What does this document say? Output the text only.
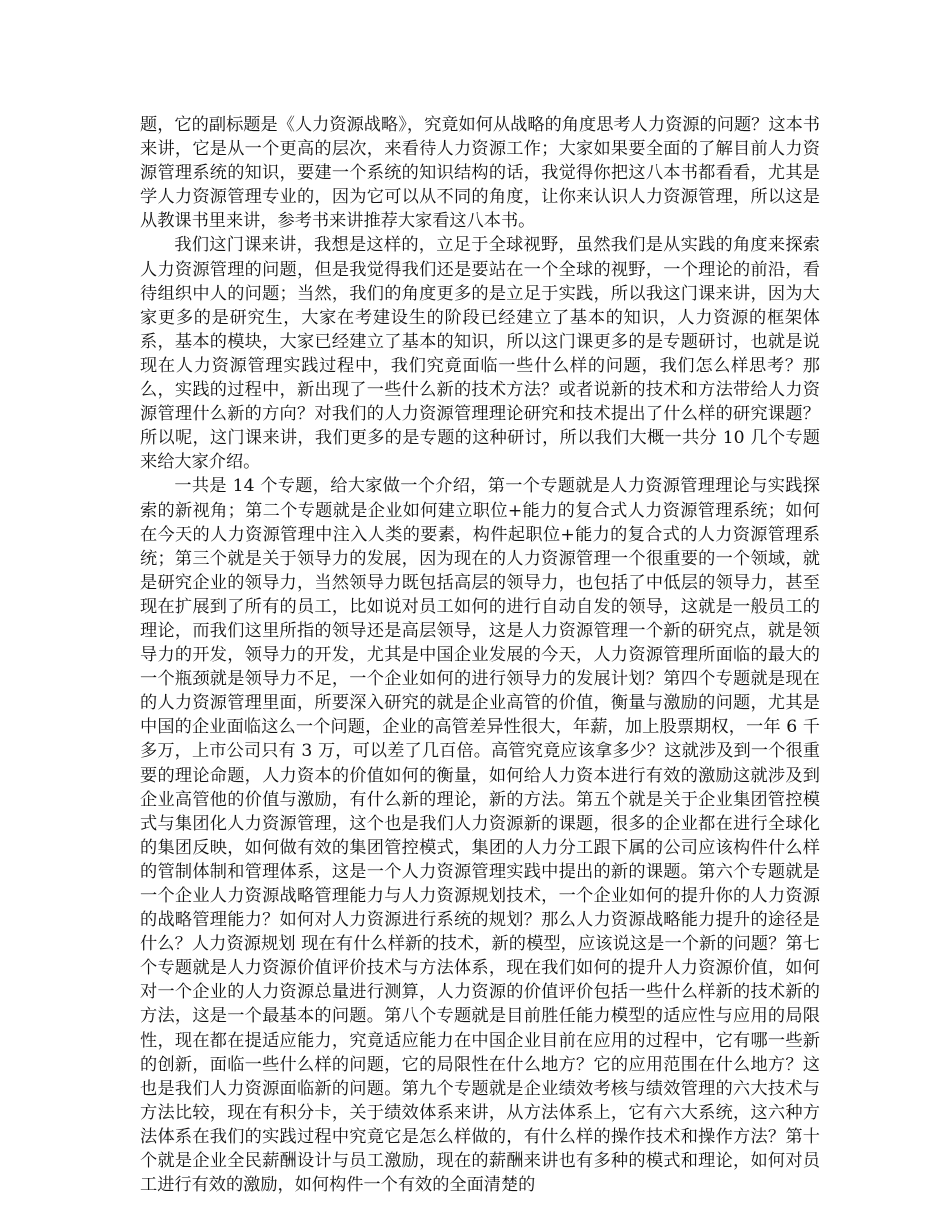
题，它的副标题是《人力资源战略》，究竟如何从战略的角度思考人力资源的问题？这本书来讲，它是从一个更高的层次，来看待人力资源工作；大家如果要全面的了解目前人力资源管理系统的知识，要建一个系统的知识结构的话，我觉得你把这八本书都看看，尤其是学人力资源管理专业的，因为它可以从不同的角度，让你来认识人力资源管理，所以这是从教课书里来讲，参考书来讲推荐大家看这八本书。

我们这门课来讲，我想是这样的，立足于全球视野，虽然我们是从实践的角度来探索人力资源管理的问题，但是我觉得我们还是要站在一个全球的视野，一个理论的前沿，看待组织中人的问题；当然，我们的角度更多的是立足于实践，所以我这门课来讲，因为大家更多的是研究生，大家在考建设生的阶段已经建立了基本的知识，人力资源的框架体系，基本的模块，大家已经建立了基本的知识，所以这门课更多的是专题研讨，也就是说现在人力资源管理实践过程中，我们究竟面临一些什么样的问题，我们怎么样思考？那么，实践的过程中，新出现了一些什么新的技术方法？或者说新的技术和方法带给人力资源管理什么新的方向？对我们的人力资源管理理论研究和技术提出了什么样的研究课题？所以呢，这门课来讲，我们更多的是专题的这种研讨，所以我们大概一共分 10 几个专题来给大家介绍。

一共是 14 个专题，给大家做一个介绍，第一个专题就是人力资源管理理论与实践探索的新视角；第二个专题就是企业如何建立职位+能力的复合式人力资源管理系统；如何在今天的人力资源管理中注入人类的要素，构件起职位+能力的复合式的人力资源管理系统；第三个就是关于领导力的发展，因为现在的人力资源管理一个很重要的一个领域，就是研究企业的领导力，当然领导力既包括高层的领导力，也包括了中低层的领导力，甚至现在扩展到了所有的员工，比如说对员工如何的进行自动自发的领导，这就是一般员工的理论，而我们这里所指的领导还是高层领导，这是人力资源管理一个新的研究点，就是领导力的开发，领导力的开发，尤其是中国企业发展的今天，人力资源管理所面临的最大的一个瓶颈就是领导力不足，一个企业如何的进行领导力的发展计划？第四个专题就是现在的人力资源管理里面，所要深入研究的就是企业高管的价值，衡量与激励的问题，尤其是中国的企业面临这么一个问题，企业的高管差异性很大，年薪，加上股票期权，一年 6 千多万，上市公司只有 3 万，可以差了几百倍。高管究竟应该拿多少？这就涉及到一个很重要的理论命题，人力资本的价值如何的衡量，如何给人力资本进行有效的激励这就涉及到企业高管他的价值与激励，有什么新的理论，新的方法。第五个就是关于企业集团管控模式与集团化人力资源管理，这个也是我们人力资源新的课题，很多的企业都在进行全球化的集团反映，如何做有效的集团管控模式，集团的人力分工跟下属的公司应该构件什么样的管制体制和管理体系，这是一个人力资源管理实践中提出的新的课题。第六个专题就是一个企业人力资源战略管理能力与人力资源规划技术，一个企业如何的提升你的人力资源的战略管理能力？如何对人力资源进行系统的规划？那么人力资源战略能力提升的途径是什么？人力资源规划 现在有什么样新的技术，新的模型，应该说这是一个新的问题？第七个专题就是人力资源价值评价技术与方法体系，现在我们如何的提升人力资源价值，如何对一个企业的人力资源总量进行测算，人力资源的价值评价包括一些什么样新的技术新的方法，这是一个最基本的问题。第八个专题就是目前胜任能力模型的适应性与应用的局限性，现在都在提适应能力，究竟适应能力在中国企业目前在应用的过程中，它有哪一些新的创新，面临一些什么样的问题，它的局限性在什么地方？它的应用范围在什么地方？这也是我们人力资源面临新的问题。第九个专题就是企业绩效考核与绩效管理的六大技术与方法比较，现在有积分卡，关于绩效体系来讲，从方法体系上，它有六大系统，这六种方法体系在我们的实践过程中究竟它是怎么样做的，有什么样的操作技术和操作方法？第十个就是企业全民薪酬设计与员工激励，现在的薪酬来讲也有多种的模式和理论，如何对员工进行有效的激励，如何构件一个有效的全面清楚的
